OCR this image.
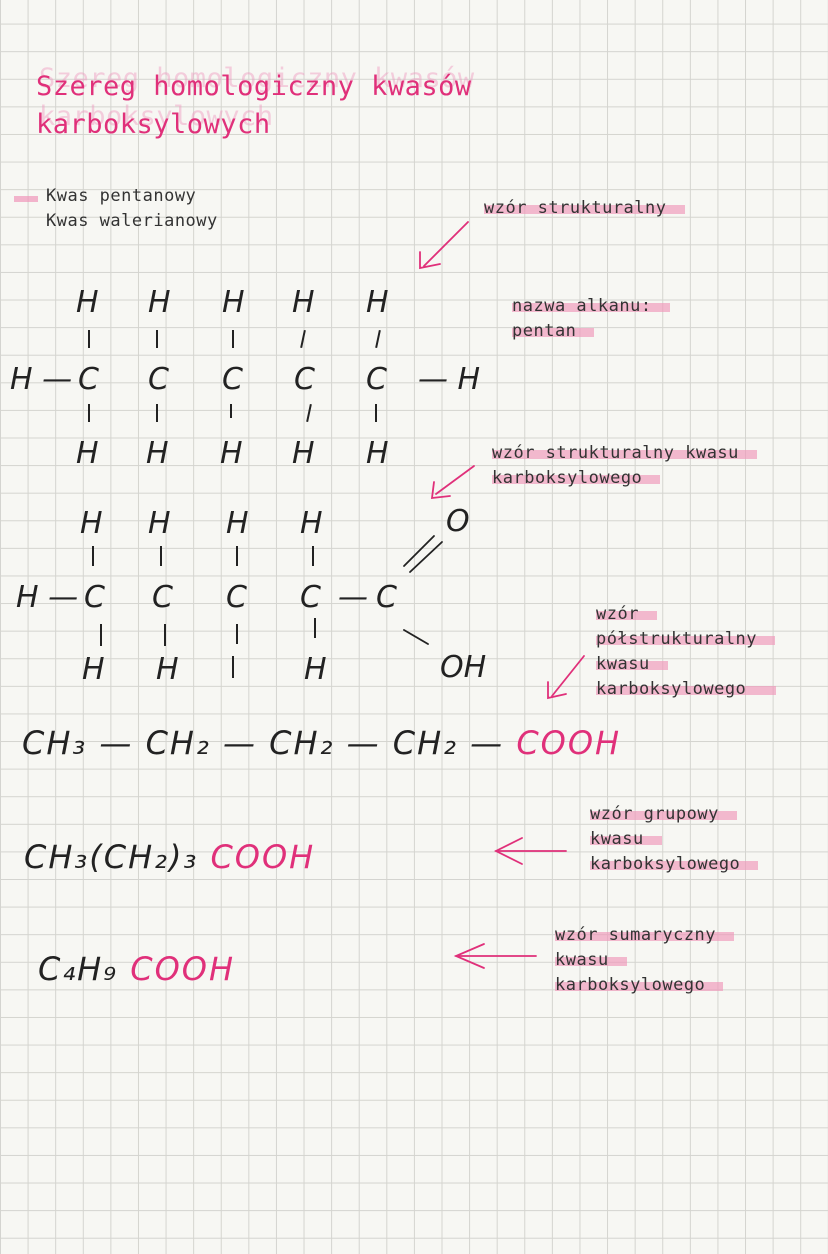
Szereg homologiczny kwasów
karboksylowych
Kwas pentanowy
Kwas walerianowy
wzór strukturalny
nazwa alkanu:
pentan
wzór strukturalny kwasu
karboksylowego
wzór
półstrukturalny
kwasu
karboksylowego
wzór grupowy
kwasu
karboksylowego
wzór sumaryczny
kwasu
karboksylowego
H H H H H
H — C C C C C — H
H H H H H
H H H H	O
H — C C C C — C
H H	H	OH
CH₃ — CH₂ — CH₂ — CH₂ — COOH
CH₃(CH₂)₃ COOH
C₄H₉ COOH
